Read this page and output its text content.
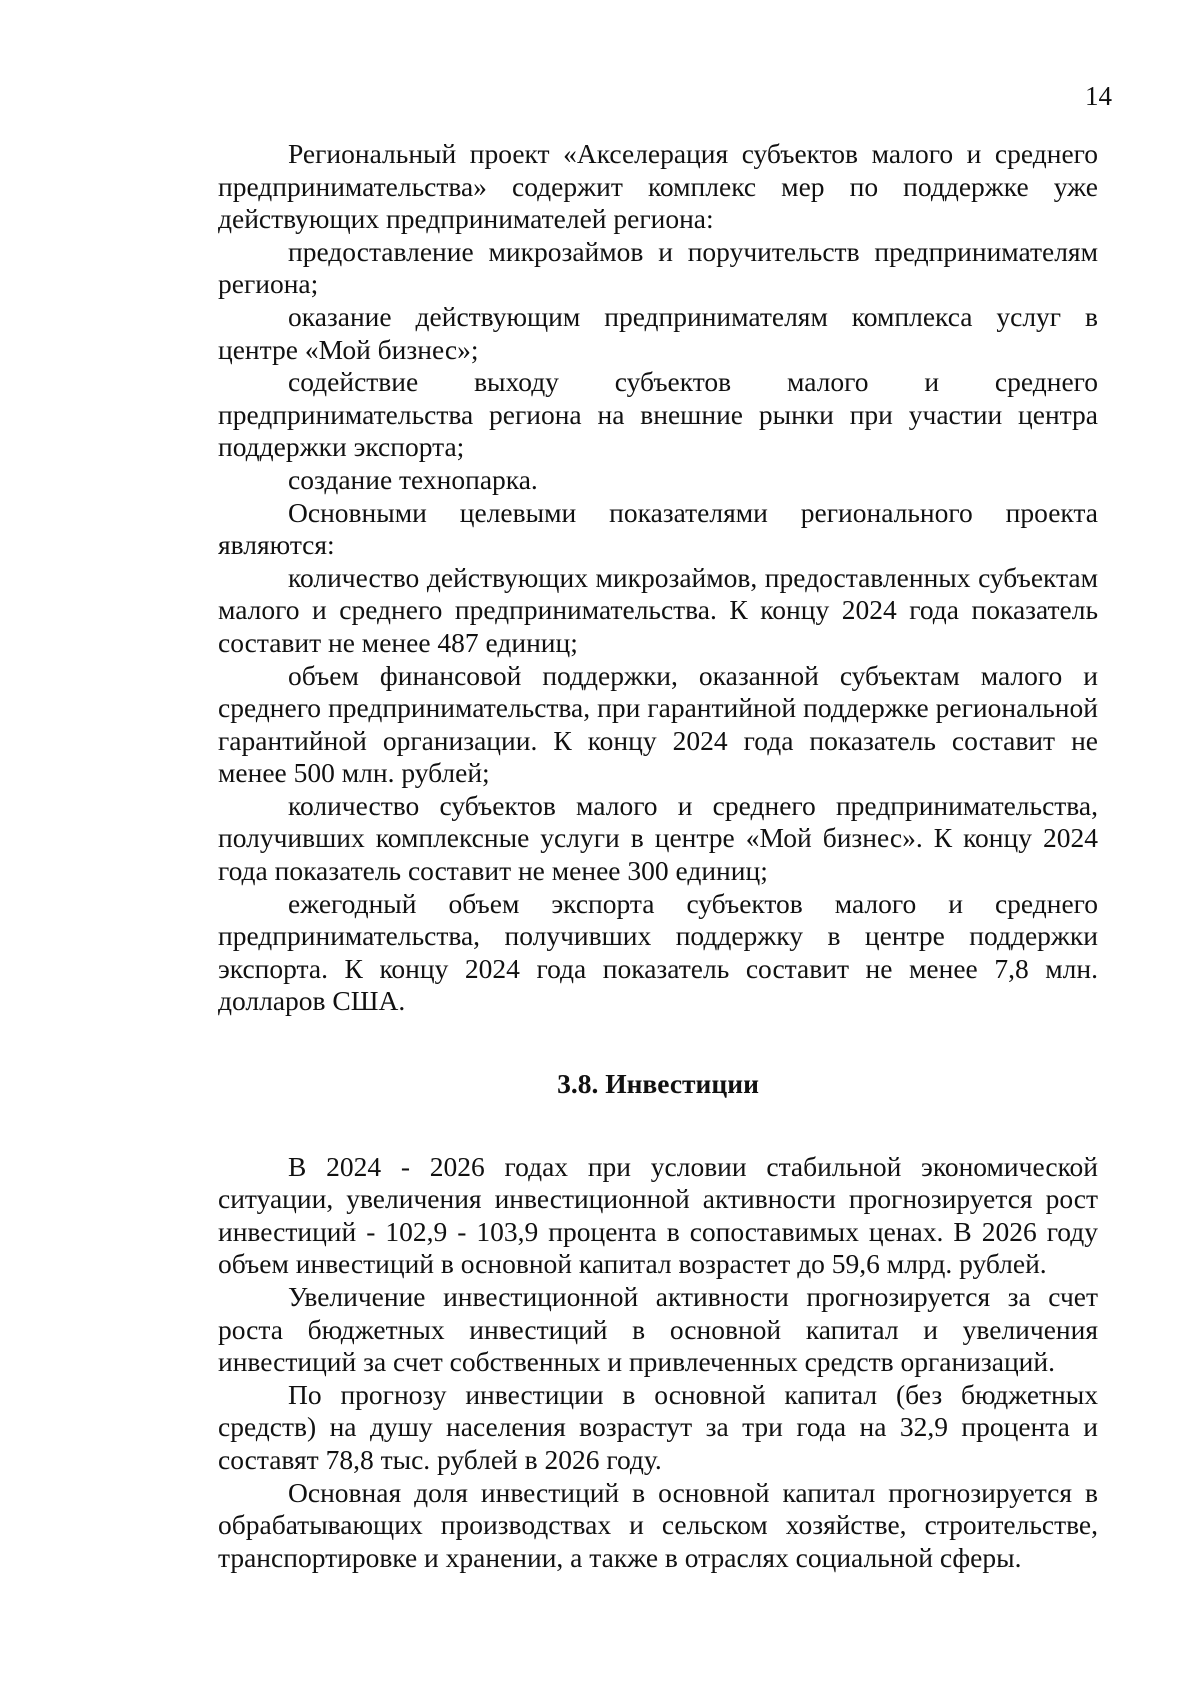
14

Региональный проект «Акселерация субъектов малого и среднего предпринимательства» содержит комплекс мер по поддержке уже действующих предпринимателей региона:

предоставление микрозаймов и поручительств предпринимателям региона;

оказание действующим предпринимателям комплекса услуг в центре «Мой бизнес»;

содействие выходу субъектов малого и среднего предпринимательства региона на внешние рынки при участии центра поддержки экспорта;

создание технопарка.

Основными целевыми показателями регионального проекта являются:

количество действующих микрозаймов, предоставленных субъектам малого и среднего предпринимательства. К концу 2024 года показатель составит не менее 487 единиц;

объем финансовой поддержки, оказанной субъектам малого и среднего предпринимательства, при гарантийной поддержке региональной гарантийной организации. К концу 2024 года показатель составит не менее 500 млн. рублей;

количество субъектов малого и среднего предпринимательства, получивших комплексные услуги в центре «Мой бизнес». К концу 2024 года показатель составит не менее 300 единиц;

ежегодный объем экспорта субъектов малого и среднего предпринимательства, получивших поддержку в центре поддержки экспорта. К концу 2024 года показатель составит не менее 7,8 млн. долларов США.

3.8. Инвестиции

В 2024 - 2026 годах при условии стабильной экономической ситуации, увеличения инвестиционной активности прогнозируется рост инвестиций - 102,9 - 103,9 процента в сопоставимых ценах. В 2026 году объем инвестиций в основной капитал возрастет до 59,6 млрд. рублей.

Увеличение инвестиционной активности прогнозируется за счет роста бюджетных инвестиций в основной капитал и увеличения инвестиций за счет собственных и привлеченных средств организаций.

По прогнозу инвестиции в основной капитал (без бюджетных средств) на душу населения возрастут за три года на 32,9 процента и составят 78,8 тыс. рублей в 2026 году.

Основная доля инвестиций в основной капитал прогнозируется в обрабатывающих производствах и сельском хозяйстве, строительстве, транспортировке и хранении, а также в отраслях социальной сферы.
